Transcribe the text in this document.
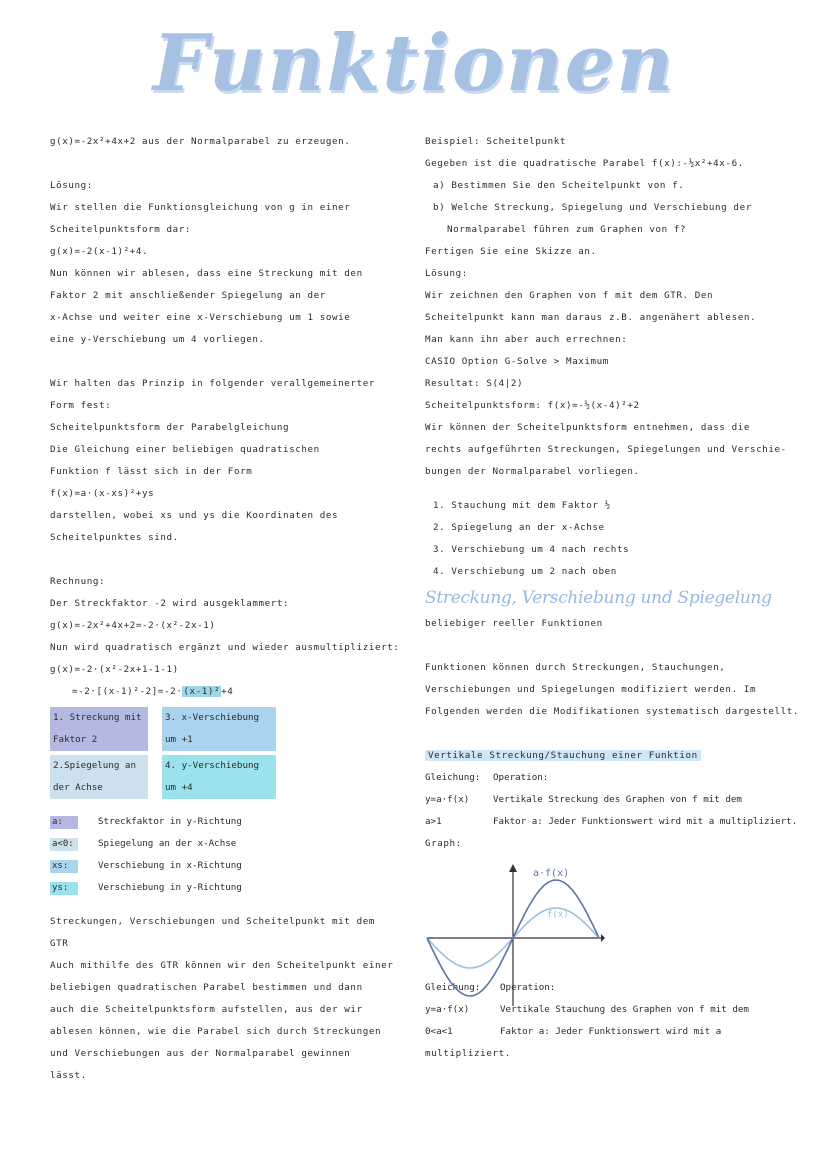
Funktionen
g(x)=-2x²+4x+2 aus der Normalparabel zu erzeugen.
Lösung:
Wir stellen die Funktionsgleichung von g in einer
Scheitelpunktsform dar:
g(x)=-2(x-1)²+4.
Nun können wir ablesen, dass eine Streckung mit den
Faktor 2 mit anschließender Spiegelung an der
x-Achse und weiter eine x-Verschiebung um 1 sowie
eine y-Verschiebung um 4 vorliegen.
Wir halten das Prinzip in folgender verallgemeinerter
Form fest:
Scheitelpunktsform der Parabelgleichung
Die Gleichung einer beliebigen quadratischen
Funktion f lässt sich in der Form
f(x)=a·(x-xs)²+ys
darstellen, wobei xs und ys die Koordinaten des
Scheitelpunktes sind.
Rechnung:
Der Streckfaktor -2 wird ausgeklammert:
g(x)=-2x²+4x+2=-2·(x²-2x-1)
Nun wird quadratisch ergänzt und wieder ausmultipliziert:
g(x)=-2·(x²-2x+1-1-1)
=-2·[(x-1)²-2]=-2·(x-1)²+4
1. Streckung mit Faktor 2
3. x-Verschiebung um +1
2.Spiegelung an der Achse
4. y-Verschiebung um +4
a:	Streckfaktor in y-Richtung
a<0:	Spiegelung an der x-Achse
xs:	Verschiebung in x-Richtung
ys:	Verschiebung in y-Richtung
Streckungen, Verschiebungen und Scheitelpunkt mit dem
GTR
Auch mithilfe des GTR können wir den Scheitelpunkt einer
beliebigen quadratischen Parabel bestimmen und dann
auch die Scheitelpunktsform aufstellen, aus der wir
ablesen können, wie die Parabel sich durch Streckungen
und Verschiebungen aus der Normalparabel gewinnen
lässt.
Beispiel: Scheitelpunkt
Gegeben ist die quadratische Parabel f(x):-½x²+4x-6.
a) Bestimmen Sie den Scheitelpunkt von f.
b) Welche Streckung, Spiegelung und Verschiebung der
Normalparabel führen zum Graphen von f?
Fertigen Sie eine Skizze an.
Lösung:
Wir zeichnen den Graphen von f mit dem GTR. Den
Scheitelpunkt kann man daraus z.B. angenähert ablesen.
Man kann ihn aber auch errechnen:
CASIO Option G-Solve > Maximum
Resultat: S(4|2)
Scheitelpunktsform: f(x)=-½(x-4)²+2
Wir können der Scheitelpunktsform entnehmen, dass die
rechts aufgeführten Streckungen, Spiegelungen und Verschie-
bungen der Normalparabel vorliegen.
1. Stauchung mit dem Faktor ½
2. Spiegelung an der x-Achse
3. Verschiebung um 4 nach rechts
4. Verschiebung um 2 nach oben
Streckung, Verschiebung und Spiegelung
beliebiger reeller Funktionen
Funktionen können durch Streckungen, Stauchungen,
Verschiebungen und Spiegelungen modifiziert werden. Im
Folgenden werden die Modifikationen systematisch dargestellt.
Vertikale Streckung/Stauchung einer Funktion
Gleichung:	Operation:
y=a·f(x)	Vertikale Streckung des Graphen von f mit dem
a>1	Faktor a: Jeder Funktionswert wird mit a multipliziert.
Graph:
Gleichung:	Operation:
y=a·f(x)	Vertikale Stauchung des Graphen von f mit dem
0<a<1	Faktor a: Jeder Funktionswert wird mit a
multipliziert.
a·f(x)
f(x)
